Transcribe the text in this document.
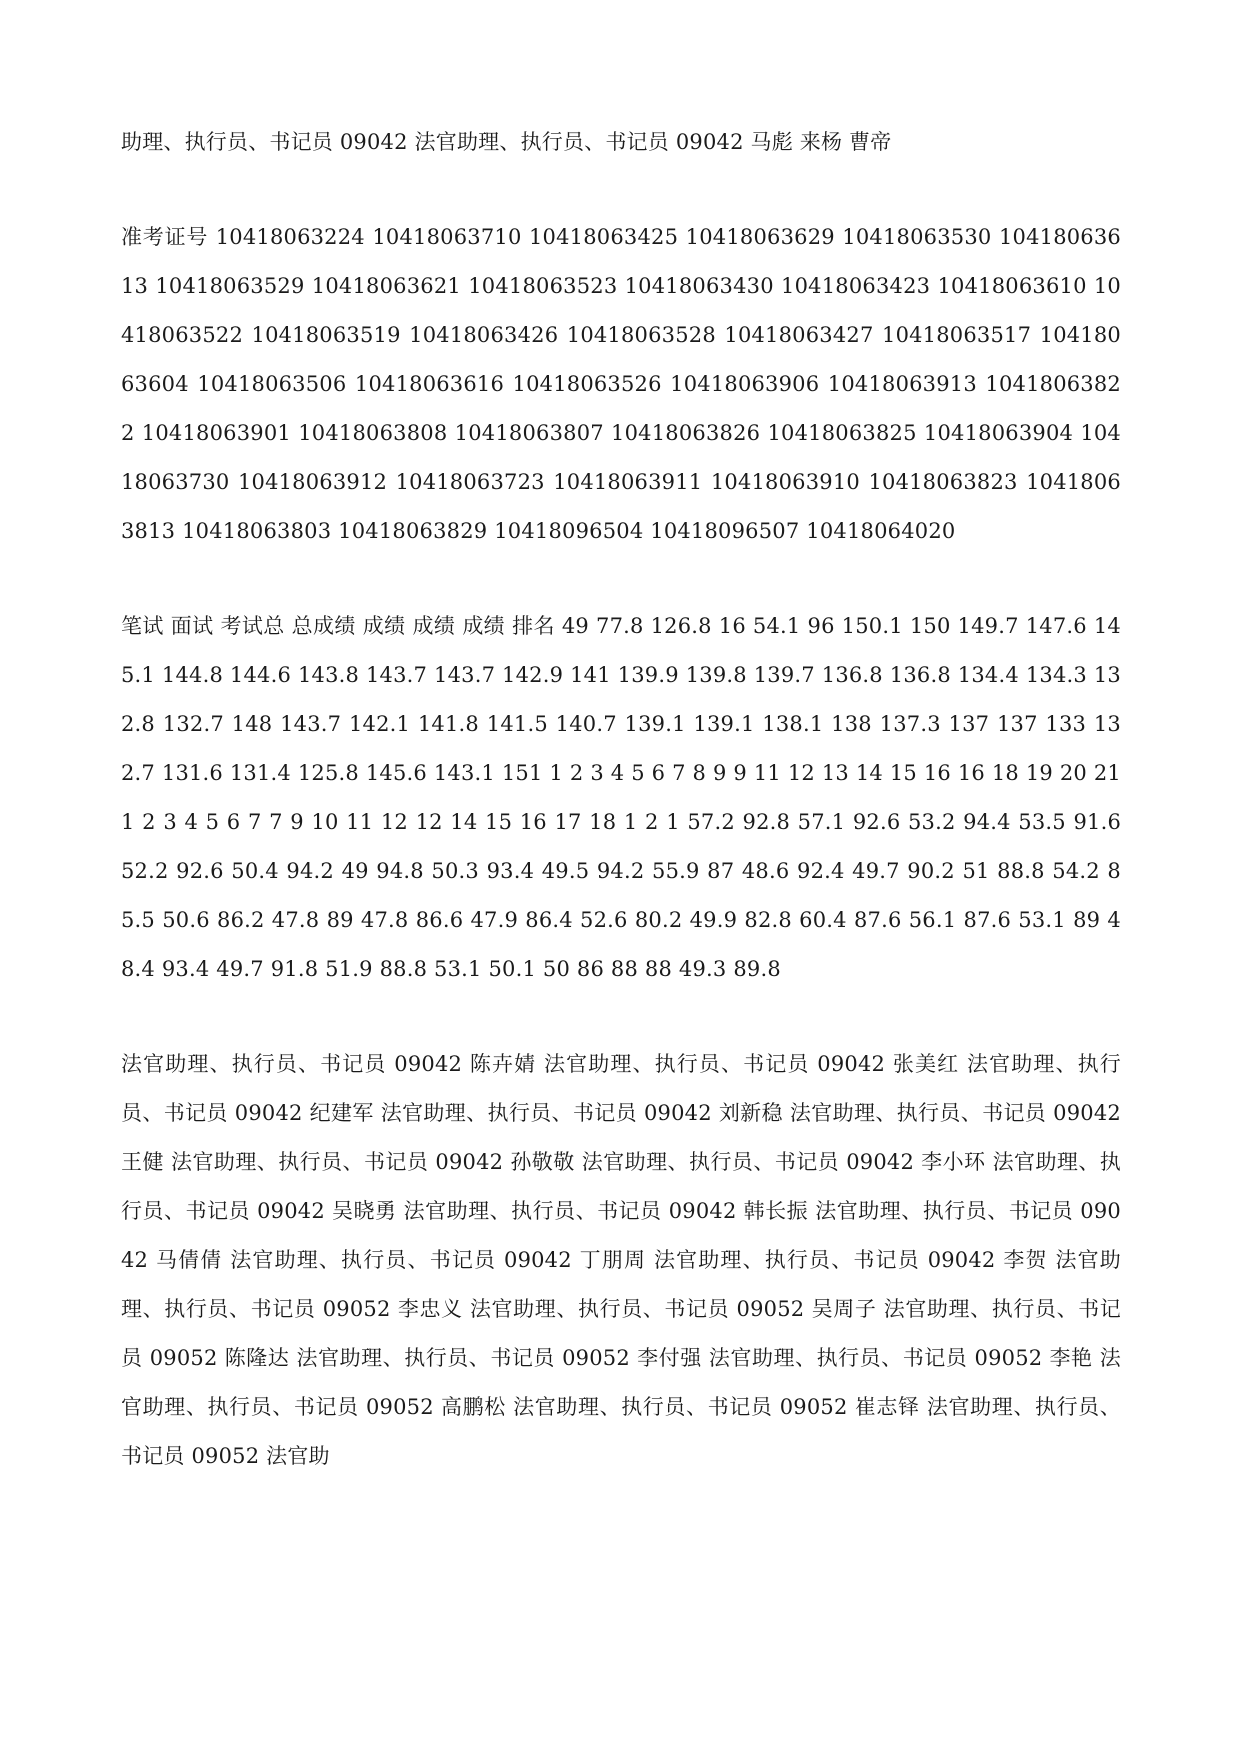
助理、执行员、书记员 09042 法官助理、执行员、书记员 09042 马彪 来杨 曹帝

准考证号 10418063224 10418063710 10418063425 10418063629 10418063530 10418063613 10418063529 10418063621 10418063523 10418063430 10418063423 10418063610 10418063522 10418063519 10418063426 10418063528 10418063427 10418063517 10418063604 10418063506 10418063616 10418063526 10418063906 10418063913 10418063822 10418063901 10418063808 10418063807 10418063826 10418063825 10418063904 10418063730 10418063912 10418063723 10418063911 10418063910 10418063823 10418063813 10418063803 10418063829 10418096504 10418096507 10418064020

笔试 面试 考试总 总成绩 成绩 成绩 成绩 排名 49 77.8 126.8 16 54.1 96 150.1 150 149.7 147.6 145.1 144.8 144.6 143.8 143.7 143.7 142.9 141 139.9 139.8 139.7 136.8 136.8 134.4 134.3 132.8 132.7 148 143.7 142.1 141.8 141.5 140.7 139.1 139.1 138.1 138 137.3 137 137 133 132.7 131.6 131.4 125.8 145.6 143.1 151 1 2 3 4 5 6 7 8 9 9 11 12 13 14 15 16 16 18 19 20 21 1 2 3 4 5 6 7 7 9 10 11 12 12 14 15 16 17 18 1 2 1 57.2 92.8 57.1 92.6 53.2 94.4 53.5 91.6 52.2 92.6 50.4 94.2 49 94.8 50.3 93.4 49.5 94.2 55.9 87 48.6 92.4 49.7 90.2 51 88.8 54.2 85.5 50.6 86.2 47.8 89 47.8 86.6 47.9 86.4 52.6 80.2 49.9 82.8 60.4 87.6 56.1 87.6 53.1 89 48.4 93.4 49.7 91.8 51.9 88.8 53.1 50.1 50 86 88 88 49.3 89.8

法官助理、执行员、书记员 09042 陈卉婧 法官助理、执行员、书记员 09042 张美红 法官助理、执行员、书记员 09042 纪建军 法官助理、执行员、书记员 09042 刘新稳 法官助理、执行员、书记员 09042 王健 法官助理、执行员、书记员 09042 孙敬敬 法官助理、执行员、书记员 09042 李小环 法官助理、执行员、书记员 09042 吴晓勇 法官助理、执行员、书记员 09042 韩长振 法官助理、执行员、书记员 09042 马倩倩 法官助理、执行员、书记员 09042 丁朋周 法官助理、执行员、书记员 09042 李贺 法官助理、执行员、书记员 09052 李忠义 法官助理、执行员、书记员 09052 吴周子 法官助理、执行员、书记员 09052 陈隆达 法官助理、执行员、书记员 09052 李付强 法官助理、执行员、书记员 09052 李艳 法官助理、执行员、书记员 09052 高鹏松 法官助理、执行员、书记员 09052 崔志铎 法官助理、执行员、书记员 09052 法官助
